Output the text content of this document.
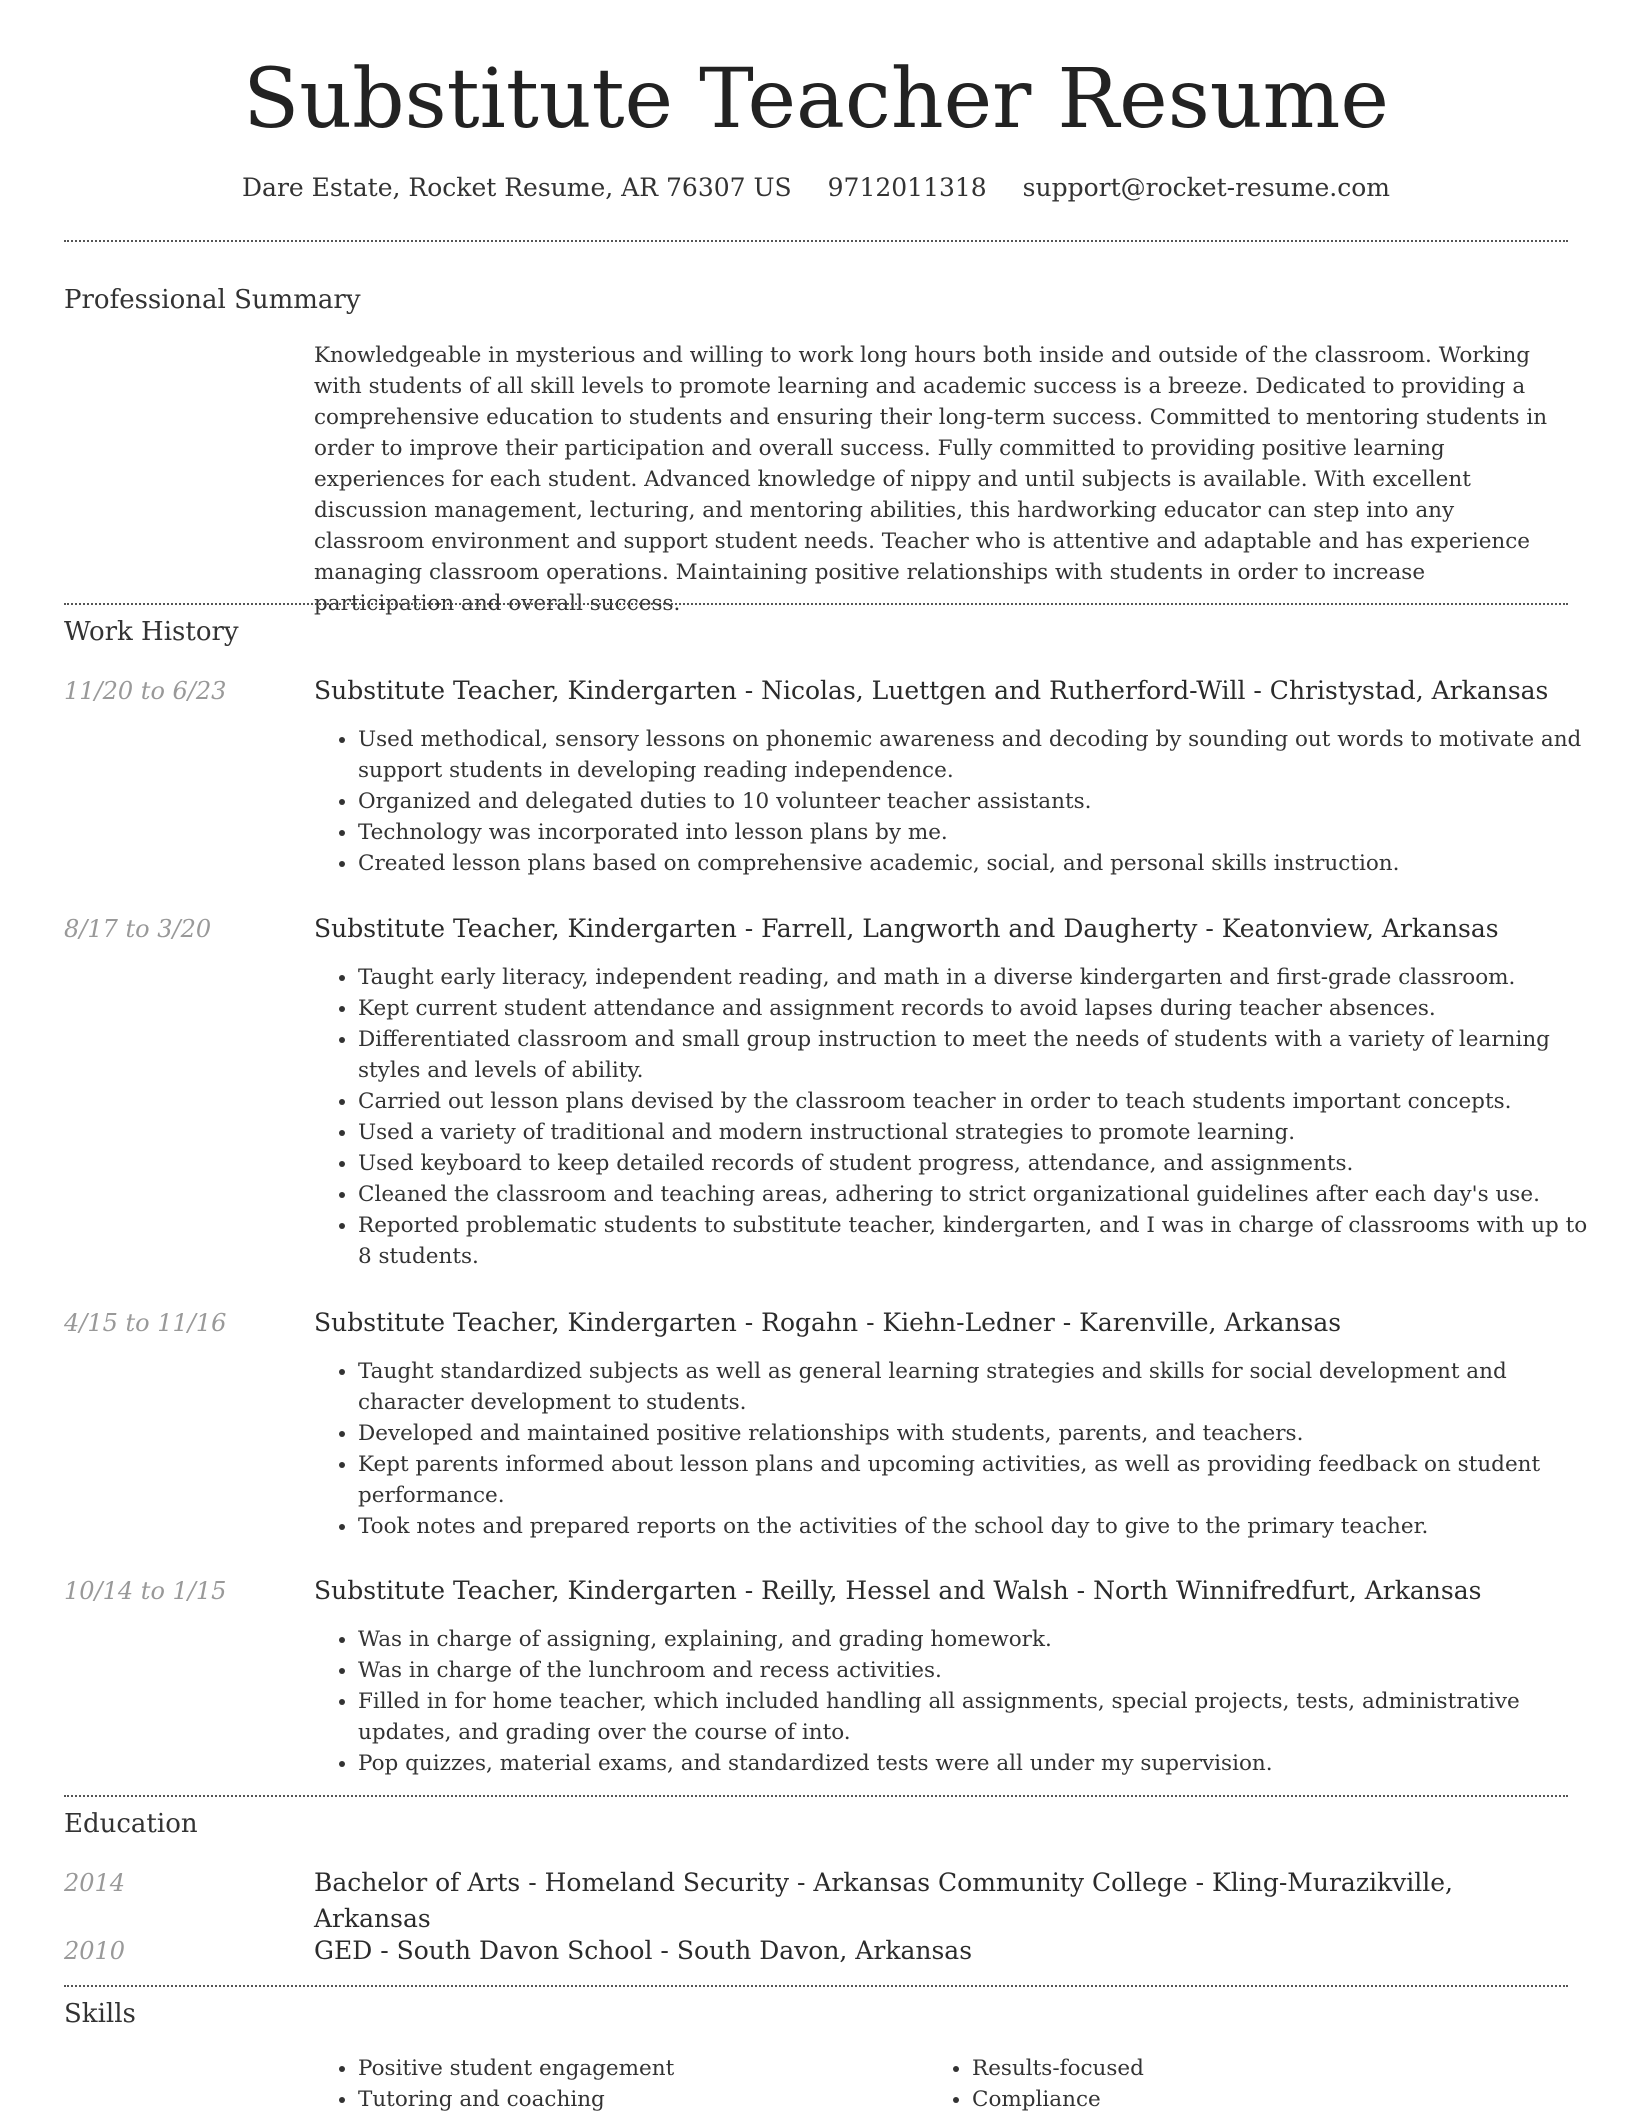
Substitute Teacher Resume
Dare Estate, Rocket Resume, AR 76307 US 9712011318 support@rocket-resume.com
Professional Summary

Knowledgeable in mysterious and willing to work long hours both inside and outside of the classroom. Working with students of all skill levels to promote learning and academic success is a breeze. Dedicated to providing a comprehensive education to students and ensuring their long-term success. Committed to mentoring students in order to improve their participation and overall success. Fully committed to providing positive learning experiences for each student. Advanced knowledge of nippy and until subjects is available. With excellent discussion management, lecturing, and mentoring abilities, this hardworking educator can step into any classroom environment and support student needs. Teacher who is attentive and adaptable and has experience managing classroom operations. Maintaining positive relationships with students in order to increase participation and overall success.

Work History
11/20 to 6/23	Substitute Teacher, Kindergarten - Nicolas, Luettgen and Rutherford-Will - Christystad, Arkansas
• Used methodical, sensory lessons on phonemic awareness and decoding by sounding out words to motivate and support students in developing reading independence.
• Organized and delegated duties to 10 volunteer teacher assistants.
• Technology was incorporated into lesson plans by me.
• Created lesson plans based on comprehensive academic, social, and personal skills instruction.
8/17 to 3/20	Substitute Teacher, Kindergarten - Farrell, Langworth and Daugherty - Keatonview, Arkansas
• Taught early literacy, independent reading, and math in a diverse kindergarten and first-grade classroom.
• Kept current student attendance and assignment records to avoid lapses during teacher absences.
• Differentiated classroom and small group instruction to meet the needs of students with a variety of learning styles and levels of ability.
• Carried out lesson plans devised by the classroom teacher in order to teach students important concepts.
• Used a variety of traditional and modern instructional strategies to promote learning.
• Used keyboard to keep detailed records of student progress, attendance, and assignments.
• Cleaned the classroom and teaching areas, adhering to strict organizational guidelines after each day's use.
• Reported problematic students to substitute teacher, kindergarten, and I was in charge of classrooms with up to 8 students.
4/15 to 11/16	Substitute Teacher, Kindergarten - Rogahn - Kiehn-Ledner - Karenville, Arkansas
• Taught standardized subjects as well as general learning strategies and skills for social development and character development to students.
• Developed and maintained positive relationships with students, parents, and teachers.
• Kept parents informed about lesson plans and upcoming activities, as well as providing feedback on student performance.
• Took notes and prepared reports on the activities of the school day to give to the primary teacher.
10/14 to 1/15	Substitute Teacher, Kindergarten - Reilly, Hessel and Walsh - North Winnifredfurt, Arkansas
• Was in charge of assigning, explaining, and grading homework.
• Was in charge of the lunchroom and recess activities.
• Filled in for home teacher, which included handling all assignments, special projects, tests, administrative updates, and grading over the course of into.
• Pop quizzes, material exams, and standardized tests were all under my supervision.
Education
2014	Bachelor of Arts - Homeland Security - Arkansas Community College - Kling-Murazikville, Arkansas
2010	GED - South Davon School - South Davon, Arkansas
Skills
• Positive student engagement
• Tutoring and coaching
• Results-focused
• Compliance
